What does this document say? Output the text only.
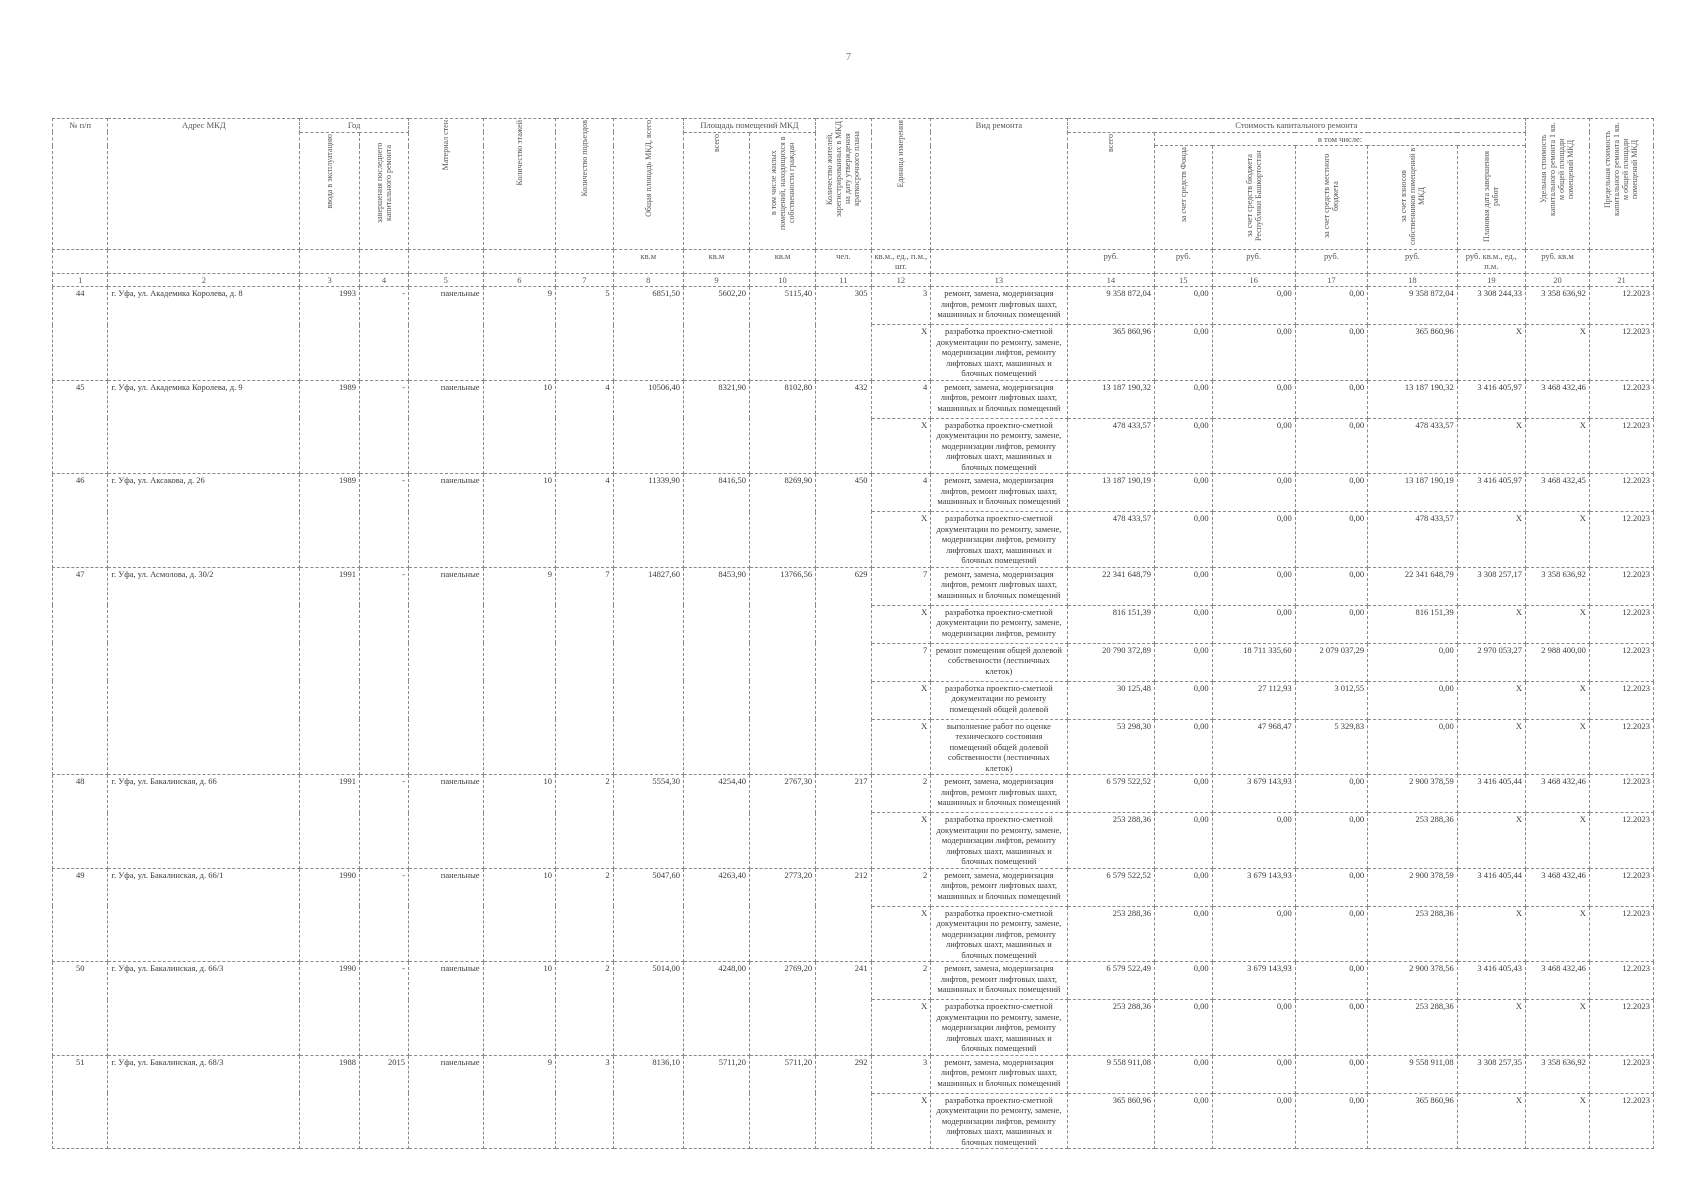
7
№ п/п	Адрес МКД	Год		Материал стен	Количество этажей	Количество подъездов	Общая площадь МКД, всего	Площадь помещений МКД		Количество жителей, зарегистрированных в МКД на дату утверждения краткосрочного плана	Единица измерения	Вид ремонта	Стоимость капитального ремонта						Удельная стоимость капитального ремонта 1 кв. м общей площади помещений МКД	Предельная стоимость капитального ремонта 1 кв. м общей площади помещений МКД
		ввода в эксплуатацию	завершения последнего капитального ремонта					всего	в том числе жилых помещений, находящихся в собственности граждан				всего	в том числе:						
														за счет средств Фонда	за счет средств бюджета Республики Башкортостан	за счет средств местного бюджета	за счет взносов собственников помещений в МКД	Плановая дата завершения работ		
							кв.м	кв.м	кв.м	чел.	кв.м., ед., п.м., шт.		руб.	руб.	руб.	руб.	руб.	руб. кв.м., ед., п.м.	руб. кв.м	
1	2	3	4	5	6	7	8	9	10	11	12	13	14	15	16	17	18	19	20	21
44	г. Уфа, ул. Академика Королева, д. 8	1993	-	панельные	9	5	6851,50	5602,20	5115,40	305	3	ремонт, замена, модернизация лифтов, ремонт лифтовых шахт, машинных и блочных помещений	9 358 872,04	0,00	0,00	0,00	9 358 872,04	3 308 244,33	3 358 636,92	12.2023
											X	разработка проектно-сметной документации по ремонту, замене, модернизации лифтов, ремонту лифтовых шахт, машинных и блочных помещений	365 860,96	0,00	0,00	0,00	365 860,96	X	X	12.2023
45	г. Уфа, ул. Академика Королева, д. 9	1989	-	панельные	10	4	10506,40	8321,90	8102,80	432	4	ремонт, замена, модернизация лифтов, ремонт лифтовых шахт, машинных и блочных помещений	13 187 190,32	0,00	0,00	0,00	13 187 190,32	3 416 405,97	3 468 432,46	12.2023
											X	разработка проектно-сметной документации по ремонту, замене, модернизации лифтов, ремонту лифтовых шахт, машинных и блочных помещений	478 433,57	0,00	0,00	0,00	478 433,57	X	X	12.2023
46	г. Уфа, ул. Аксакова, д. 26	1989	-	панельные	10	4	11339,90	8416,50	8269,90	450	4	ремонт, замена, модернизация лифтов, ремонт лифтовых шахт, машинных и блочных помещений	13 187 190,19	0,00	0,00	0,00	13 187 190,19	3 416 405,97	3 468 432,45	12.2023
											X	разработка проектно-сметной документации по ремонту, замене, модернизации лифтов, ремонту лифтовых шахт, машинных и блочных помещений	478 433,57	0,00	0,00	0,00	478 433,57	X	X	12.2023
47	г. Уфа, ул. Асмолова, д. 30/2	1991	-	панельные	9	7	14827,60	8453,90	13766,56	629	7	ремонт, замена, модернизация лифтов, ремонт лифтовых шахт, машинных и блочных помещений	22 341 648,79	0,00	0,00	0,00	22 341 648,79	3 308 257,17	3 358 636,92	12.2023
											X	разработка проектно-сметной документации по ремонту, замене, модернизации лифтов, ремонту	816 151,39	0,00	0,00	0,00	816 151,39	X	X	12.2023
											7	ремонт помещения общей долевой собственности (лестничных клеток)	20 790 372,89	0,00	18 711 335,60	2 079 037,29	0,00	2 970 053,27	2 988 400,00	12.2023
											X	разработка проектно-сметной документации по ремонту помещений общей долевой	30 125,48	0,00	27 112,93	3 012,55	0,00	X	X	12.2023
											X	выполнение работ по оценке технического состояния помещений общей долевой собственности (лестничных клеток)	53 298,30	0,00	47 968,47	5 329,83	0,00	X	X	12.2023
48	г. Уфа, ул. Бакалинская, д. 66	1991	-	панельные	10	2	5554,30	4254,40	2767,30	217	2	ремонт, замена, модернизация лифтов, ремонт лифтовых шахт, машинных и блочных помещений	6 579 522,52	0,00	3 679 143,93	0,00	2 900 378,59	3 416 405,44	3 468 432,46	12.2023
											X	разработка проектно-сметной документации по ремонту, замене, модернизации лифтов, ремонту лифтовых шахт, машинных и блочных помещений	253 288,36	0,00	0,00	0,00	253 288,36	X	X	12.2023
49	г. Уфа, ул. Бакалинская, д. 66/1	1990	-	панельные	10	2	5047,60	4263,40	2773,20	212	2	ремонт, замена, модернизация лифтов, ремонт лифтовых шахт, машинных и блочных помещений	6 579 522,52	0,00	3 679 143,93	0,00	2 900 378,59	3 416 405,44	3 468 432,46	12.2023
											X	разработка проектно-сметной документации по ремонту, замене, модернизации лифтов, ремонту лифтовых шахт, машинных и блочных помещений	253 288,36	0,00	0,00	0,00	253 288,36	X	X	12.2023
50	г. Уфа, ул. Бакалинская, д. 66/3	1990	-	панельные	10	2	5014,00	4248,00	2769,20	241	2	ремонт, замена, модернизация лифтов, ремонт лифтовых шахт, машинных и блочных помещений	6 579 522,49	0,00	3 679 143,93	0,00	2 900 378,56	3 416 405,43	3 468 432,46	12.2023
											X	разработка проектно-сметной документации по ремонту, замене, модернизации лифтов, ремонту лифтовых шахт, машинных и блочных помещений	253 288,36	0,00	0,00	0,00	253 288,36	X	X	12.2023
51	г. Уфа, ул. Бакалинская, д. 68/3	1988	2015	панельные	9	3	8136,10	5711,20	5711,20	292	3	ремонт, замена, модернизация лифтов, ремонт лифтовых шахт, машинных и блочных помещений	9 558 911,08	0,00	0,00	0,00	9 558 911,08	3 308 257,35	3 358 636,92	12.2023
											X	разработка проектно-сметной документации по ремонту, замене, модернизации лифтов, ремонту лифтовых шахт, машинных и блочных помещений	365 860,96	0,00	0,00	0,00	365 860,96	X	X	12.2023
